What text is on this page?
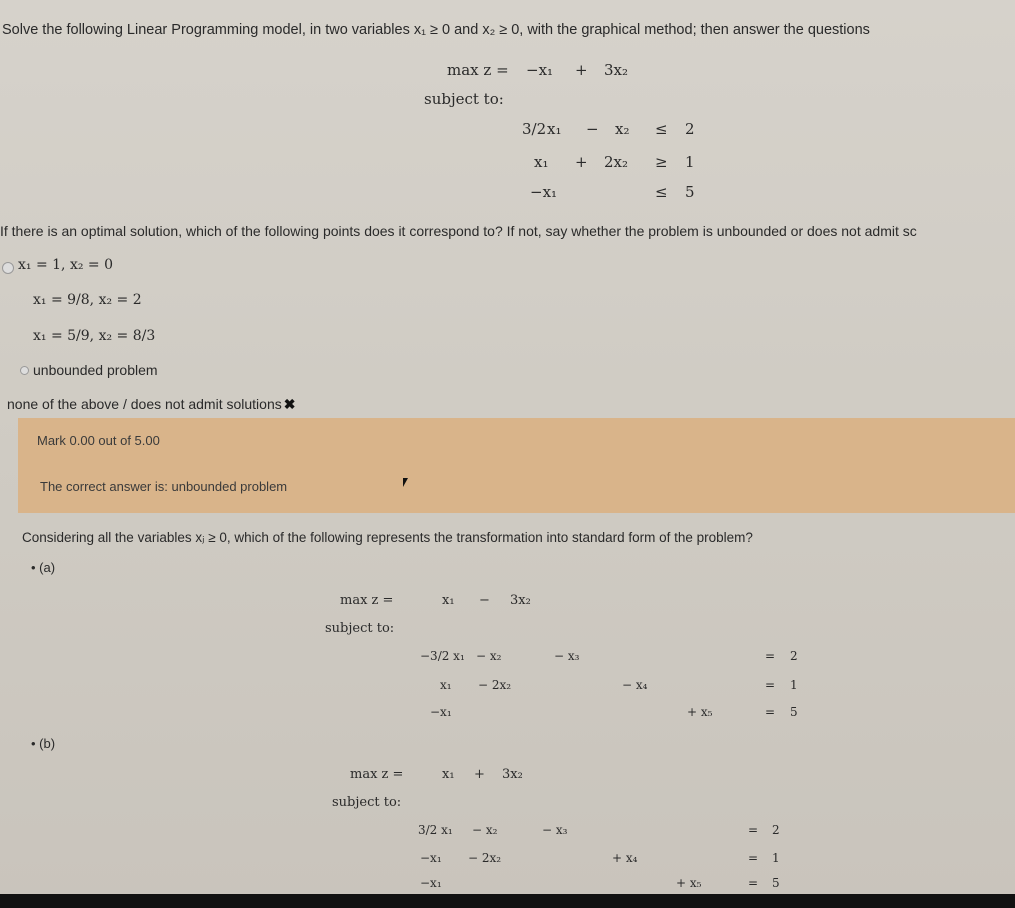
Solve the following Linear Programming model, in two variables x₁ ≥ 0 and x₂ ≥ 0, with the graphical method; then answer the questions
max z = −x₁ + 3x₂
subject to:
3/2 x₁ − x₂ ≤ 2
x₁ + 2x₂ ≥ 1
−x₁	≤ 5
If there is an optimal solution, which of the following points does it correspond to? If not, say whether the problem is unbounded or does not admit sc
x₁ = 1, x₂ = 0
x₁ = 9/8, x₂ = 2
x₁ = 5/9, x₂ = 8/3
unbounded problem
none of the above / does not admit solutions ✖
Mark 0.00 out of 5.00
The correct answer is: unbounded problem
Considering all the variables xⱼ ≥ 0, which of the following represents the transformation into standard form of the problem?
• (a)
max z =	x₁ − 3x₂
subject to:
−3/2 x₁ − x₂	− x₃	= 2
x₁ − 2x₂	− x₄	= 1
−x₁	+ x₅	= 5
• (b)
max z =	x₁ + 3x₂
subject to:
3/2 x₁ − x₂	− x₃	= 2
−x₁ − 2x₂	+ x₄	= 1
−x₁	+ x₅	= 5
